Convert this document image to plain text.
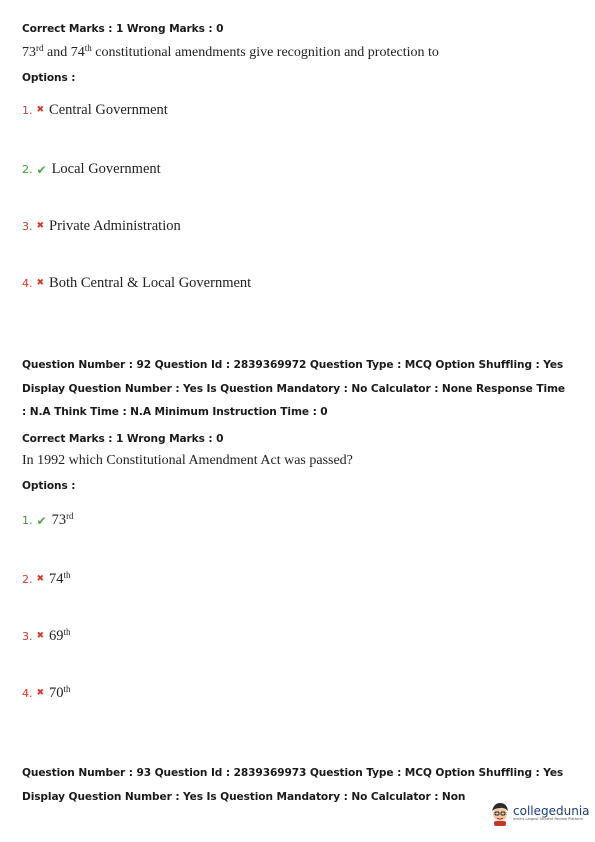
Correct Marks : 1 Wrong Marks : 0
73rd and 74th constitutional amendments give recognition and protection to
Options :
1. ✖ Central Government
2. ✔ Local Government
3. ✖ Private Administration
4. ✖ Both Central & Local Government
Question Number : 92 Question Id : 2839369972 Question Type : MCQ Option Shuffling : Yes
Display Question Number : Yes Is Question Mandatory : No Calculator : None Response Time
: N.A Think Time : N.A Minimum Instruction Time : 0
Correct Marks : 1 Wrong Marks : 0
In 1992 which Constitutional Amendment Act was passed?
Options :
1. ✔ 73rd
2. ✖ 74th
3. ✖ 69th
4. ✖ 70th
Question Number : 93 Question Id : 2839369973 Question Type : MCQ Option Shuffling : Yes
Display Question Number : Yes Is Question Mandatory : No Calculator : Non
collegedunia
India's Largest Student Review Platform
